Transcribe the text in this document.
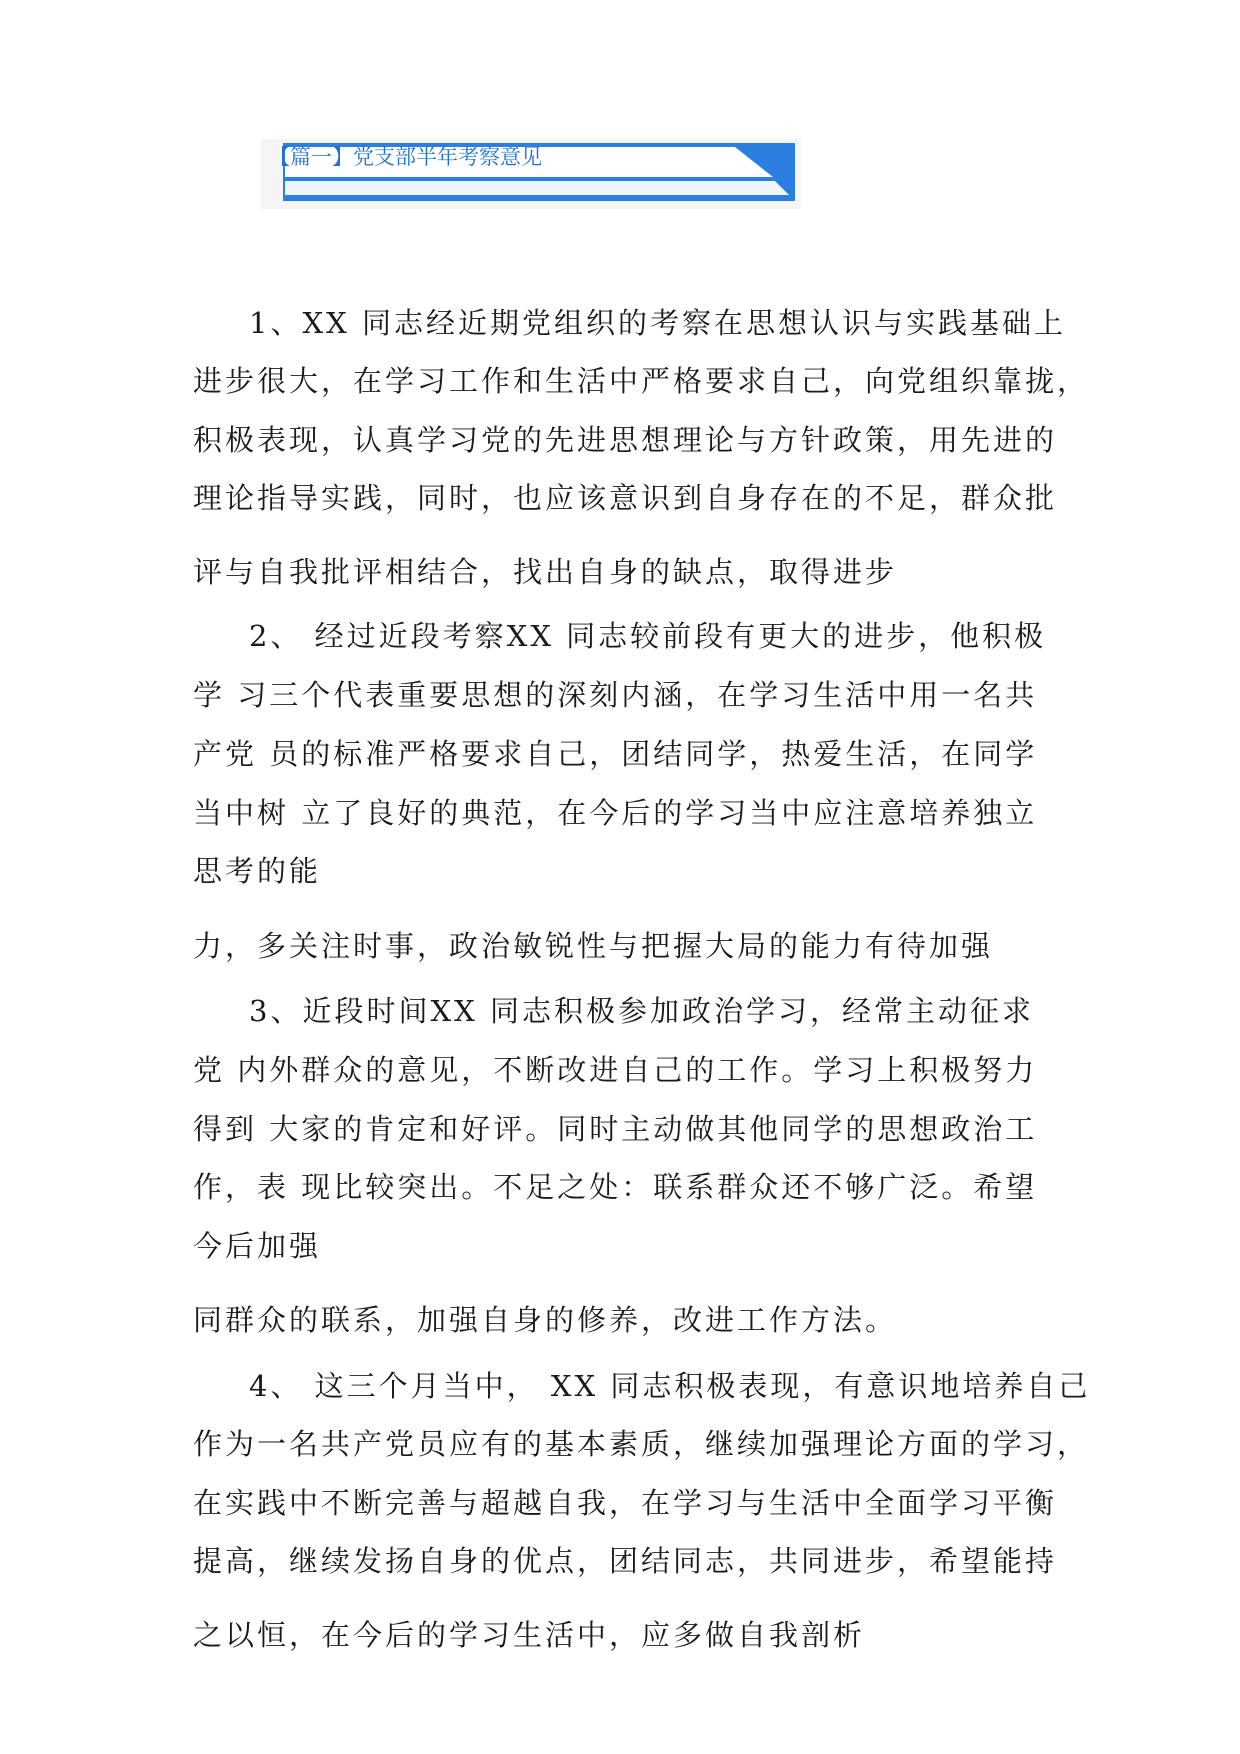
【篇一】党支部半年考察意见
1、XX 同志经近期党组织的考察在思想认识与实践基础上
进步很大，在学习工作和生活中严格要求自己，向党组织靠拢，
积极表现，认真学习党的先进思想理论与方针政策，用先进的
理论指导实践，同时，也应该意识到自身存在的不足，群众批
评与自我批评相结合，找出自身的缺点，取得进步
2、 经过近段考察XX 同志较前段有更大的进步，他积极
学 习三个代表重要思想的深刻内涵，在学习生活中用一名共
产党 员的标准严格要求自己，团结同学，热爱生活，在同学
当中树 立了良好的典范，在今后的学习当中应注意培养独立
思考的能
力，多关注时事，政治敏锐性与把握大局的能力有待加强
3、近段时间XX 同志积极参加政治学习，经常主动征求
党 内外群众的意见，不断改进自己的工作。学习上积极努力
得到 大家的肯定和好评。同时主动做其他同学的思想政治工
作，表 现比较突出。不足之处：联系群众还不够广泛。希望
今后加强
同群众的联系，加强自身的修养，改进工作方法。
4、 这三个月当中， XX 同志积极表现，有意识地培养自己
作为一名共产党员应有的基本素质，继续加强理论方面的学习，
在实践中不断完善与超越自我，在学习与生活中全面学习平衡
提高，继续发扬自身的优点，团结同志，共同进步，希望能持
之以恒，在今后的学习生活中，应多做自我剖析
